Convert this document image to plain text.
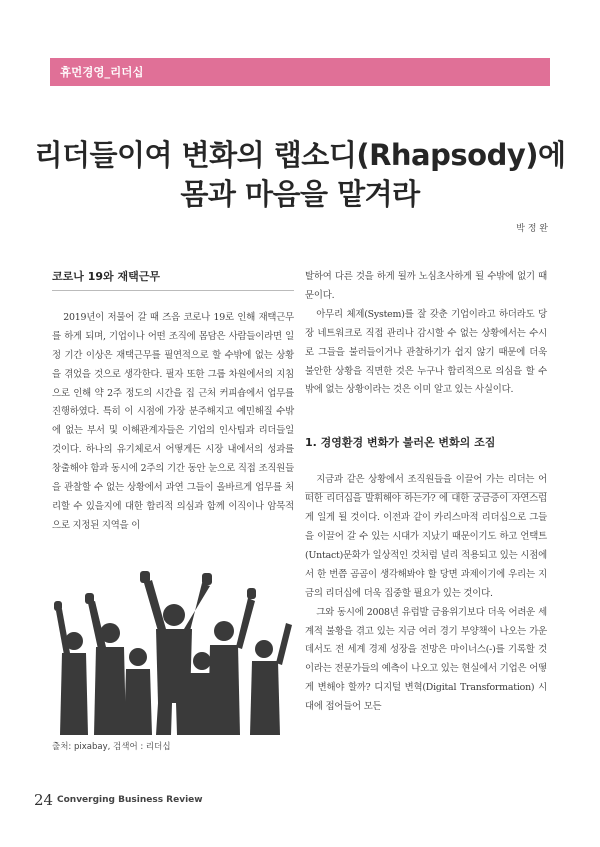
휴먼경영_리더십
리더들이여 변화의 랩소디(Rhapsody)에
몸과 마음을 맡겨라
박 정 완
코로나 19와 재택근무

2019년이 저물어 갈 때 즈음 코로나 19로 인해 재택근무를 하게 되며, 기업이나 어떤 조직에 몸담은 사람들이라면 일정 기간 이상은 재택근무를 필연적으로 할 수밖에 없는 상황을 겪었을 것으로 생각한다. 필자 또한 그룹 차원에서의 지침으로 인해 약 2주 정도의 시간을 집 근처 커피숍에서 업무를 진행하였다. 특히 이 시점에 가장 분주해지고 예민해질 수밖에 없는 부서 및 이해관계자들은 기업의 인사팀과 리더들일 것이다. 하나의 유기체로서 어떻게든 시장 내에서의 성과를 창출해야 함과 동시에 2주의 기간 동안 눈으로 직접 조직원들을 관찰할 수 없는 상황에서 과연 그들이 올바르게 업무를 처리할 수 있을지에 대한 합리적 의심과 함께 이직이나 암묵적으로 지정된 지역을 이

탈하여 다른 것을 하게 될까 노심초사하게 될 수밖에 없기 때문이다.

아무리 체제(System)를 잘 갖춘 기업이라고 하더라도 당장 네트워크로 직접 관리나 감시할 수 없는 상황에서는 수시로 그들을 불러들이거나 관찰하기가 쉽지 않기 때문에 더욱 불안한 상황을 직면한 것은 누구나 합리적으로 의심을 할 수밖에 없는 상황이라는 것은 이미 알고 있는 사실이다.

1. 경영환경 변화가 불러온 변화의 조짐

지금과 같은 상황에서 조직원들을 이끌어 가는 리더는 어떠한 리더십을 발휘해야 하는가? 에 대한 궁금증이 자연스럽게 일게 될 것이다. 이전과 같이 카리스마적 리더십으로 그들을 이끌어 갈 수 있는 시대가 지났기 때문이기도 하고 언택트(Untact)문화가 일상적인 것처럼 널리 적용되고 있는 시점에서 한 번쯤 곰곰이 생각해봐야 할 당면 과제이기에 우리는 지금의 리더십에 더욱 집중할 필요가 있는 것이다.

그와 동시에 2008년 유럽발 금융위기보다 더욱 어려운 세계적 불황을 겪고 있는 지금 여러 경기 부양책이 나오는 가운데서도 전 세계 경제 성장을 전망은 마이너스(-)를 기록할 것이라는 전문가들의 예측이 나오고 있는 현실에서 기업은 어떻게 변해야 할까? 디지털 변혁(Digital Transformation) 시대에 접어들어 모든

출처: pixabay, 검색어 : 리더십
24 Converging Business Review
